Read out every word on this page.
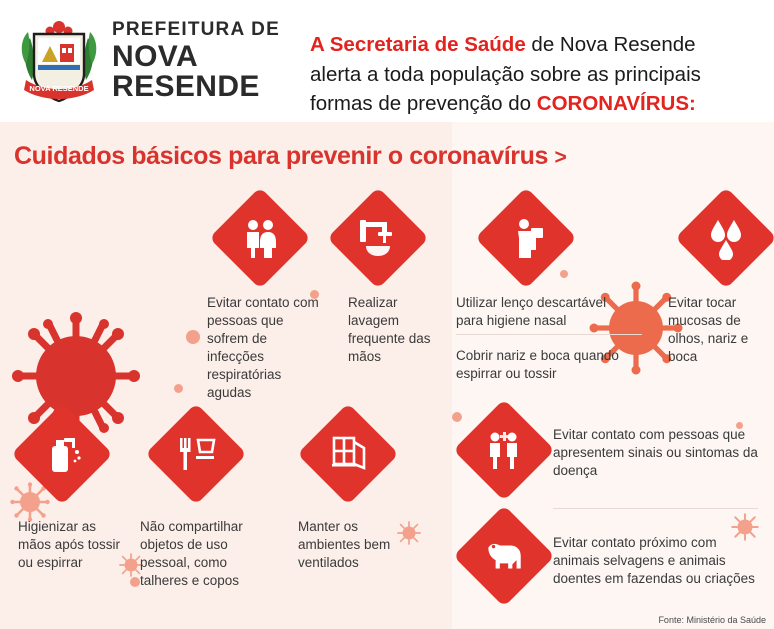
NOVA RESENDE
PREFEITURA DE
NOVA RESENDE
A Secretaria de Saúde de Nova Resende
alerta a toda população sobre as principais
formas de prevenção do CORONAVÍRUS:
Cuidados básicos para prevenir o coronavírus >
Evitar contato com pessoas que sofrem de infecções respiratórias agudas
Realizar lavagem frequente das mãos
Utilizar lenço descartável para higiene nasal
Cobrir nariz e boca quando espirrar ou tossir
Evitar tocar mucosas de olhos, nariz e boca
Higienizar as mãos após tossir ou espirrar
Não compartilhar objetos de uso pessoal, como talheres e copos
Manter os ambientes bem ventilados
Evitar contato com pessoas que apresentem sinais ou sintomas da doença
Evitar contato próximo com animais selvagens e animais doentes em fazendas ou criações
Fonte: Ministério da Saúde
